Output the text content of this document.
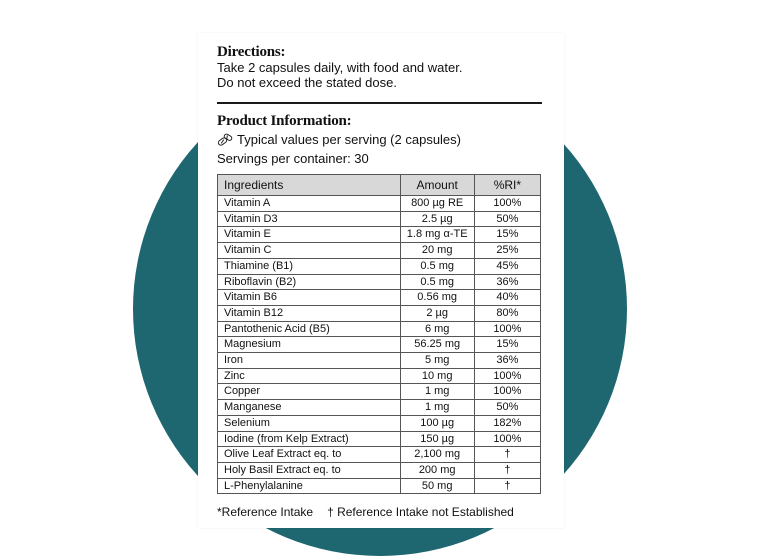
Directions:
Take 2 capsules daily, with food and water.
Do not exceed the stated dose.
Product Information:
Typical values per serving (2 capsules)
Servings per container: 30
Ingredients	Amount	%RI*
Vitamin A	800 µg RE	100%
Vitamin D3	2.5 µg	50%
Vitamin E	1.8 mg α-TE	15%
Vitamin C	20 mg	25%
Thiamine (B1)	0.5 mg	45%
Riboflavin (B2)	0.5 mg	36%
Vitamin B6	0.56 mg	40%
Vitamin B12	2 µg	80%
Pantothenic Acid (B5)	6 mg	100%
Magnesium	56.25 mg	15%
Iron	5 mg	36%
Zinc	10 mg	100%
Copper	1 mg	100%
Manganese	1 mg	50%
Selenium	100 µg	182%
Iodine (from Kelp Extract)	150 µg	100%
Olive Leaf Extract eq. to	2,100 mg	†
Holy Basil Extract eq. to	200 mg	†
L-Phenylalanine	50 mg	†
*Reference Intake † Reference Intake not Established
